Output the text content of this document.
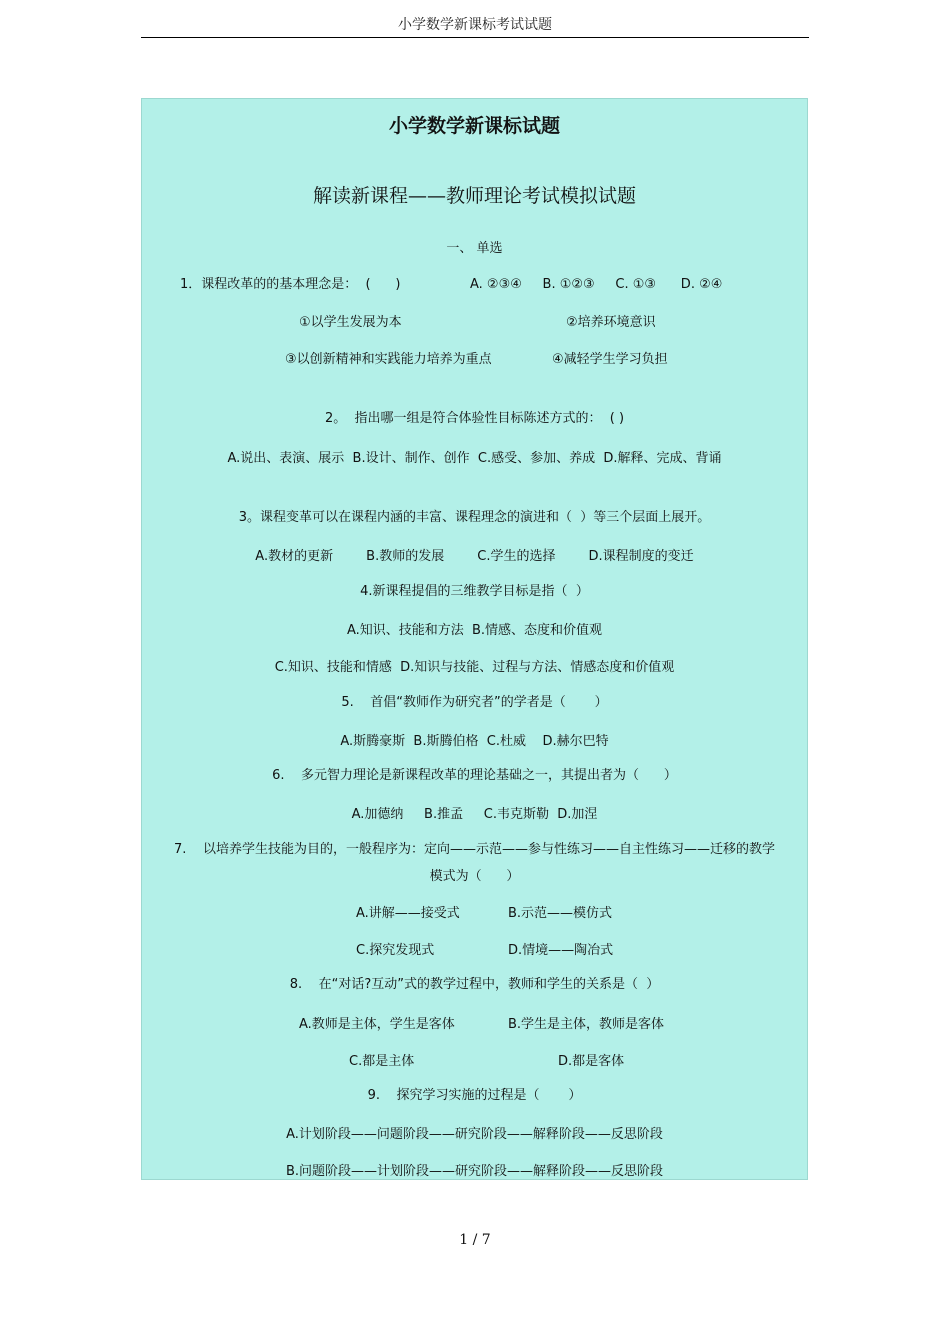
小学数学新课标考试试题
小学数学新课标试题
解读新课程——教师理论考试模拟试题
一、 单选
1．课程改革的的基本理念是：  (      )	A. ②③④     B. ①②③     C. ①③      D. ②④
①以学生发展为本	②培养环境意识
③以创新精神和实践能力培养为重点	④减轻学生学习负担
2。  指出哪一组是符合体验性目标陈述方式的：  ( )
A.说出、表演、展示  B.设计、制作、创作  C.感受、参加、养成  D.解释、完成、背诵
3。课程变革可以在课程内涵的丰富、课程理念的演进和（  ）等三个层面上展开。
A.教材的更新        B.教师的发展        C.学生的选择        D.课程制度的变迁
4.新课程提倡的三维教学目标是指（  ）
A.知识、技能和方法  B.情感、态度和价值观
C.知识、技能和情感  D.知识与技能、过程与方法、情感态度和价值观
5.    首倡“教师作为研究者”的学者是（       ）
A.斯腾豪斯  B.斯腾伯格  C.杜威    D.赫尔巴特
6.    多元智力理论是新课程改革的理论基础之一，其提出者为（      ）
A.加德纳     B.推孟     C.韦克斯勒  D.加涅
7.    以培养学生技能为目的，一般程序为：定向——示范——参与性练习——自主性练习——迁移的教学
模式为（      ）
A.讲解——接受式	B.示范——模仿式
C.探究发现式	D.情境——陶冶式
8.    在“对话?互动”式的教学过程中，教师和学生的关系是（  ）
A.教师是主体，学生是客体	B.学生是主体，教师是客体
C.都是主体	D.都是客体
9.    探究学习实施的过程是（       ）
A.计划阶段——问题阶段——研究阶段——解释阶段——反思阶段
B.问题阶段——计划阶段——研究阶段——解释阶段——反思阶段
1 / 7
